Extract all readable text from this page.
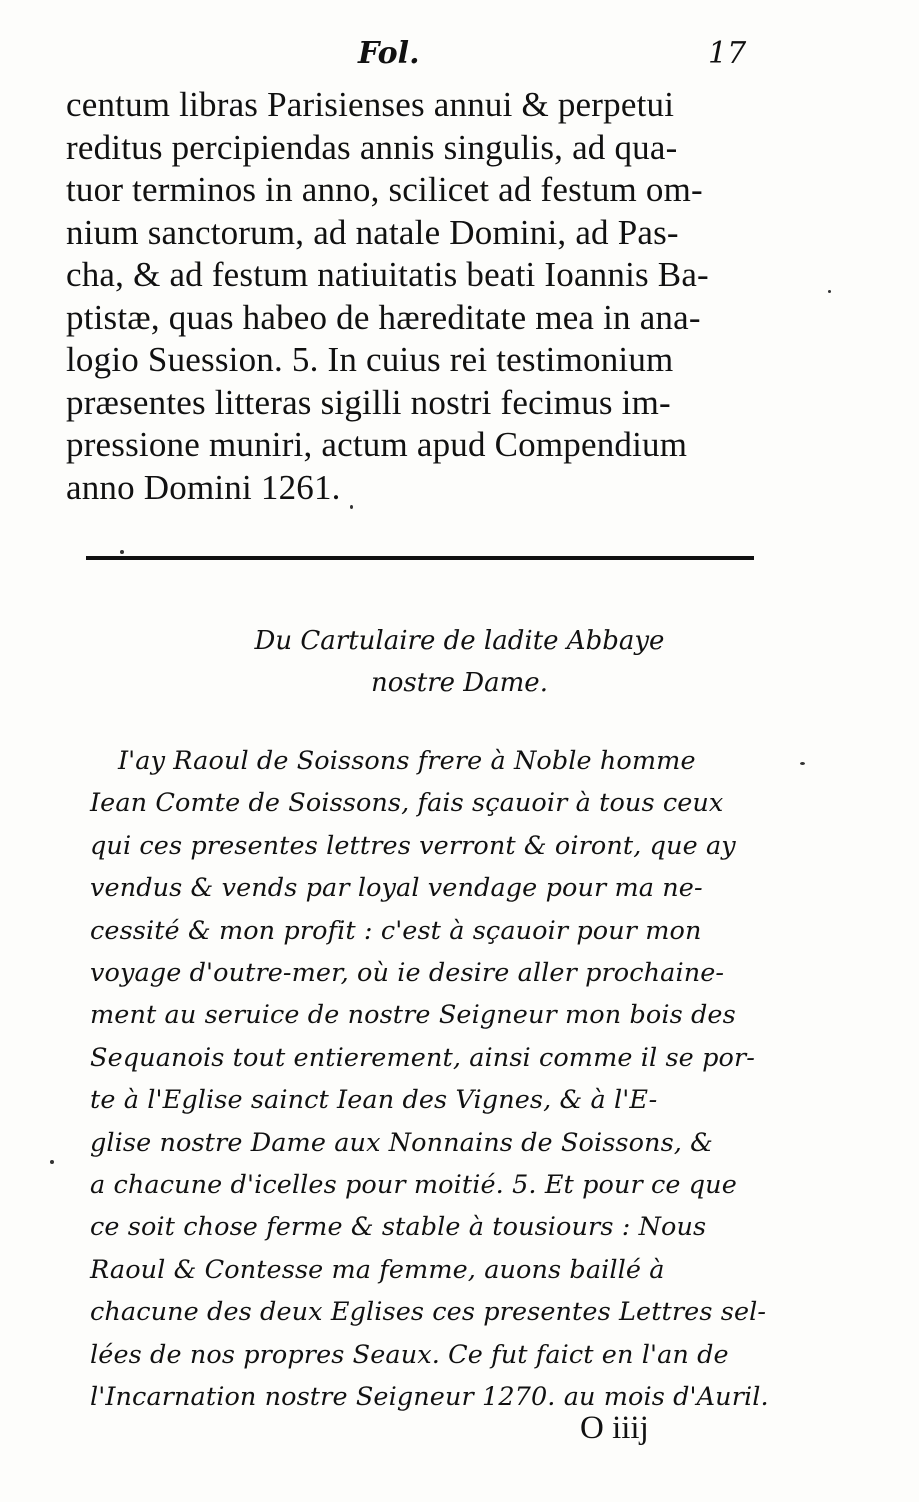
Fol.	17
centum libras Parisienses annui & perpetui
reditus percipiendas annis singulis, ad qua-
tuor terminos in anno, scilicet ad festum om-
nium sanctorum, ad natale Domini, ad Pas-
cha, & ad festum natiuitatis beati Ioannis Ba-
ptistæ, quas habeo de hæreditate mea in ana-
logio Suession. 5. In cuius rei testimonium
præsentes litteras sigilli nostri fecimus im-
pressione muniri, actum apud Compendium
anno Domini 1261.
Du Cartulaire de ladite Abbaye
nostre Dame.
I'ay Raoul de Soissons frere à Noble homme
Iean Comte de Soissons, fais sçauoir à tous ceux
qui ces presentes lettres verront & oiront, que ay
vendus & vends par loyal vendage pour ma ne-
cessité & mon profit : c'est à sçauoir pour mon
voyage d'outre-mer, où ie desire aller prochaine-
ment au seruice de nostre Seigneur mon bois des
Sequanois tout entierement, ainsi comme il se por-
te à l'Eglise sainct Iean des Vignes, & à l'E-
glise nostre Dame aux Nonnains de Soissons, &
a chacune d'icelles pour moitié. 5. Et pour ce que
ce soit chose ferme & stable à tousiours : Nous
Raoul & Contesse ma femme, auons baillé à
chacune des deux Eglises ces presentes Lettres sel-
lées de nos propres Seaux. Ce fut faict en l'an de
l'Incarnation nostre Seigneur 1270. au mois d'Auril.
O iiij
